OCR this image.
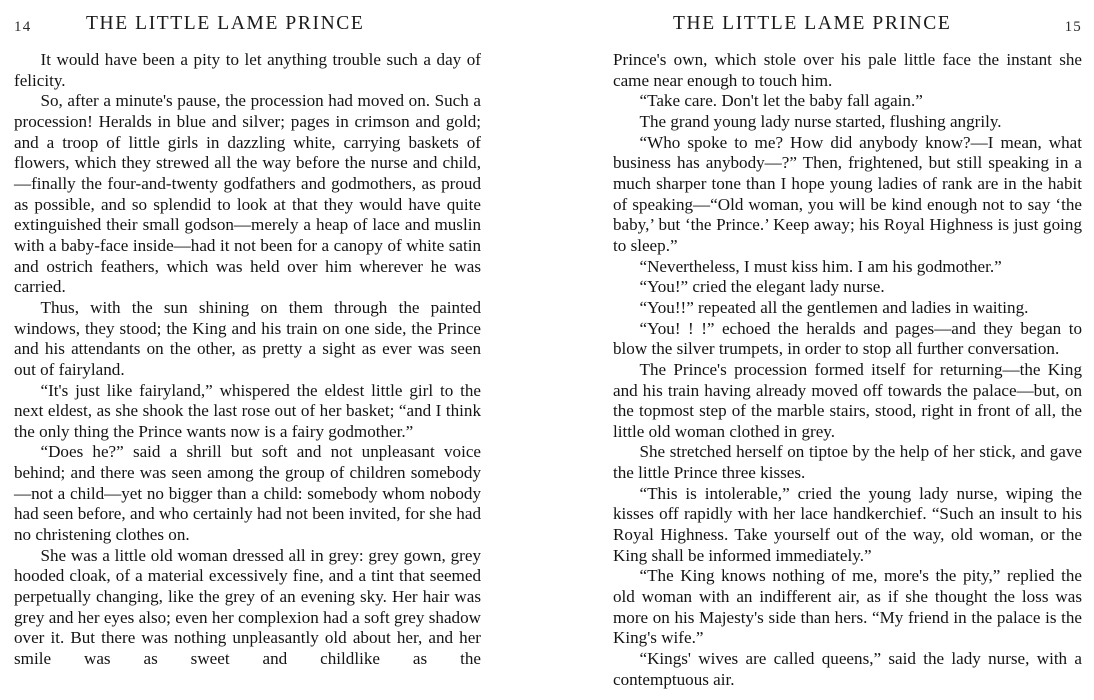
14	THE LITTLE LAME PRINCE

It would have been a pity to let anything trouble such a day of felicity.

So, after a minute's pause, the procession had moved on. Such a procession! Heralds in blue and silver; pages in crimson and gold; and a troop of little girls in dazzling white, carrying baskets of flowers, which they strewed all the way before the nurse and child,—finally the four-and-twenty godfathers and godmothers, as proud as possible, and so splendid to look at that they would have quite extinguished their small godson—merely a heap of lace and muslin with a baby-face inside—had it not been for a canopy of white satin and ostrich feathers, which was held over him wherever he was carried.

Thus, with the sun shining on them through the painted windows, they stood; the King and his train on one side, the Prince and his attendants on the other, as pretty a sight as ever was seen out of fairyland.

“It's just like fairyland,” whispered the eldest little girl to the next eldest, as she shook the last rose out of her basket; “and I think the only thing the Prince wants now is a fairy godmother.”

“Does he?” said a shrill but soft and not unpleasant voice behind; and there was seen among the group of children somebody—not a child—yet no bigger than a child: somebody whom nobody had seen before, and who certainly had not been invited, for she had no christening clothes on.

She was a little old woman dressed all in grey: grey gown, grey hooded cloak, of a material excessively fine, and a tint that seemed perpetually changing, like the grey of an evening sky. Her hair was grey and her eyes also; even her complexion had a soft grey shadow over it. But there was nothing unpleasantly old about her, and her smile was as sweet and childlike as the

THE LITTLE LAME PRINCE	15

Prince's own, which stole over his pale little face the instant she came near enough to touch him.

“Take care. Don't let the baby fall again.”

The grand young lady nurse started, flushing angrily.

“Who spoke to me? How did anybody know?—I mean, what business has anybody—?” Then, frightened, but still speaking in a much sharper tone than I hope young ladies of rank are in the habit of speaking—“Old woman, you will be kind enough not to say ‘the baby,’ but ‘the Prince.’ Keep away; his Royal Highness is just going to sleep.”

“Nevertheless, I must kiss him. I am his godmother.”

“You!” cried the elegant lady nurse.

“You!!” repeated all the gentlemen and ladies in waiting.

“You! ! !” echoed the heralds and pages—and they began to blow the silver trumpets, in order to stop all further conversation.

The Prince's procession formed itself for returning—the King and his train having already moved off towards the palace—but, on the topmost step of the marble stairs, stood, right in front of all, the little old woman clothed in grey.

She stretched herself on tiptoe by the help of her stick, and gave the little Prince three kisses.

“This is intolerable,” cried the young lady nurse, wiping the kisses off rapidly with her lace handkerchief. “Such an insult to his Royal Highness. Take yourself out of the way, old woman, or the King shall be informed immediately.”

“The King knows nothing of me, more's the pity,” replied the old woman with an indifferent air, as if she thought the loss was more on his Majesty's side than hers. “My friend in the palace is the King's wife.”

“Kings' wives are called queens,” said the lady nurse, with a contemptuous air.
